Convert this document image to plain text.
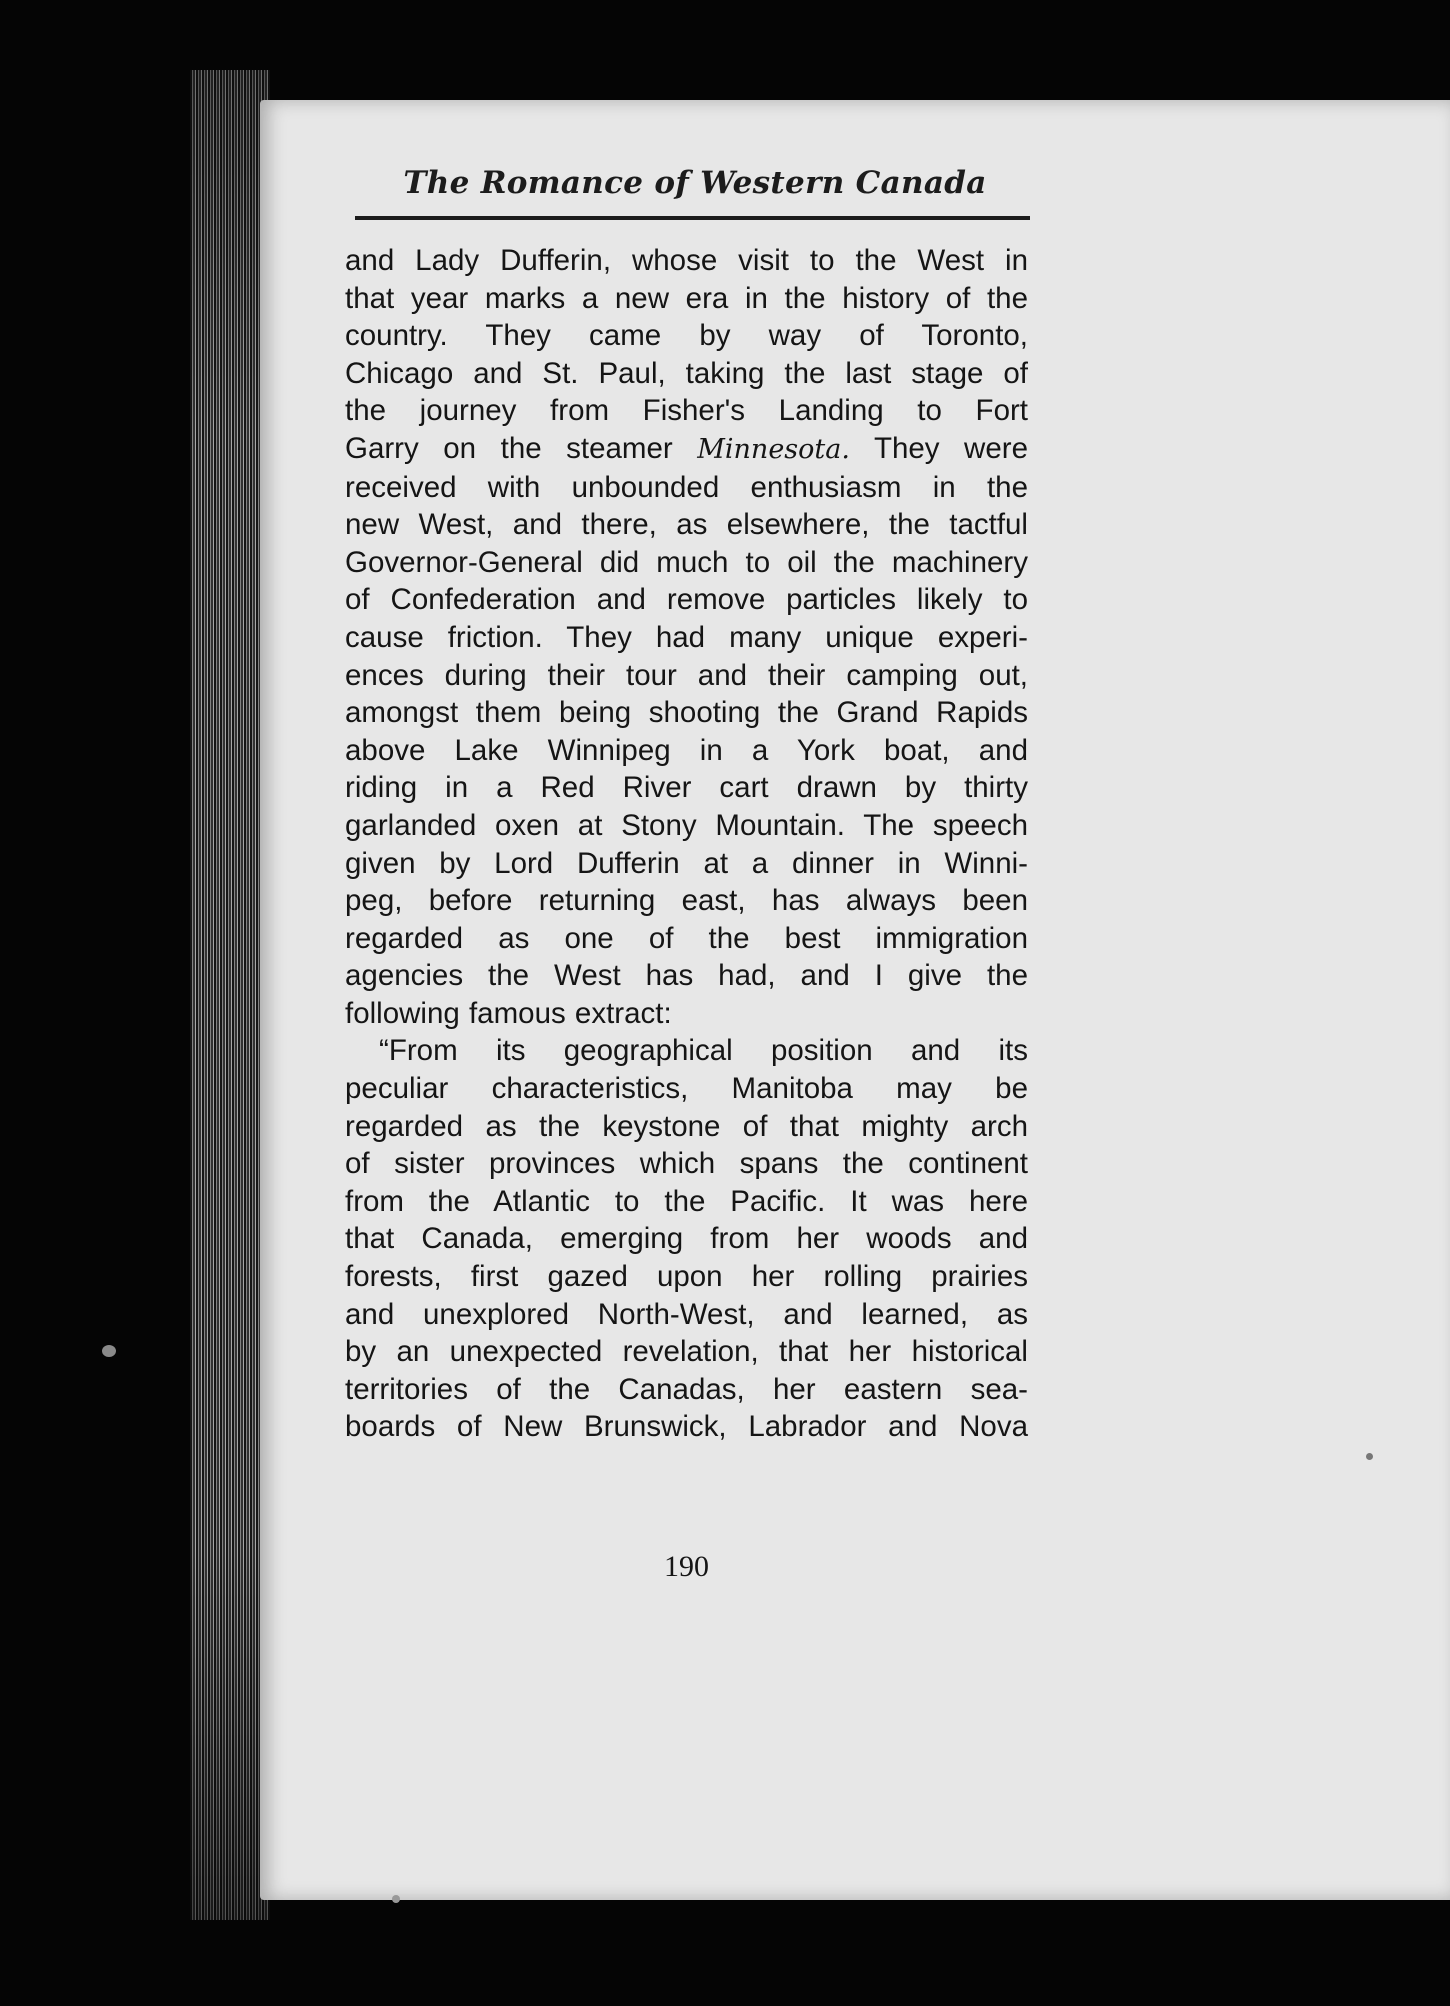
The Romance of Western Canada
and Lady Dufferin, whose visit to the West in
that year marks a new era in the history of the
country. They came by way of Toronto,
Chicago and St. Paul, taking the last stage of
the journey from Fisher's Landing to Fort
Garry on the steamer Minnesota. They were
received with unbounded enthusiasm in the
new West, and there, as elsewhere, the tactful
Governor-General did much to oil the machinery
of Confederation and remove particles likely to
cause friction. They had many unique experi-
ences during their tour and their camping out,
amongst them being shooting the Grand Rapids
above Lake Winnipeg in a York boat, and
riding in a Red River cart drawn by thirty
garlanded oxen at Stony Mountain. The speech
given by Lord Dufferin at a dinner in Winni-
peg, before returning east, has always been
regarded as one of the best immigration
agencies the West has had, and I give the
following famous extract:
“From its geographical position and its
peculiar characteristics, Manitoba may be
regarded as the keystone of that mighty arch
of sister provinces which spans the continent
from the Atlantic to the Pacific. It was here
that Canada, emerging from her woods and
forests, first gazed upon her rolling prairies
and unexplored North-West, and learned, as
by an unexpected revelation, that her historical
territories of the Canadas, her eastern sea-
boards of New Brunswick, Labrador and Nova
190
